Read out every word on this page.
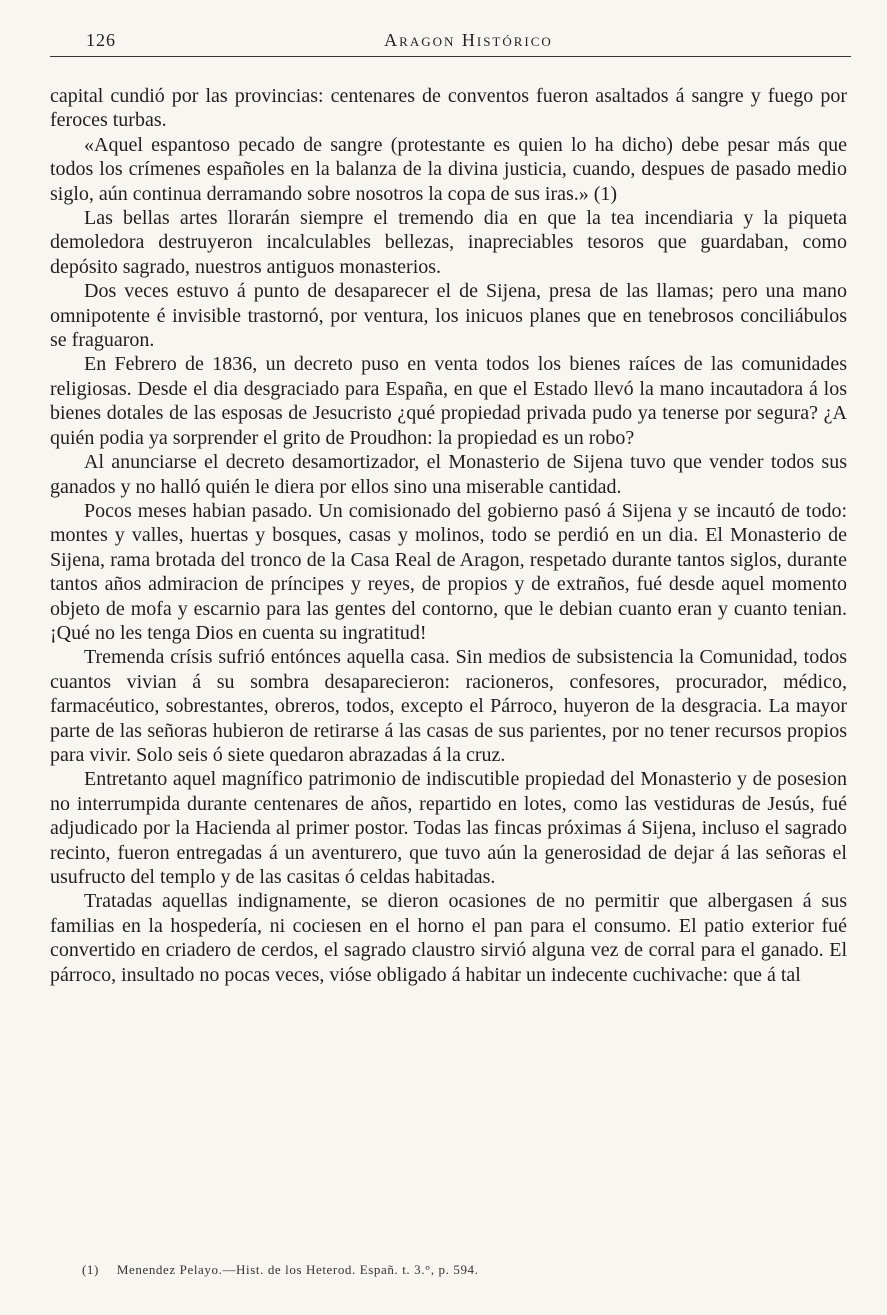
126	Aragon Histórico

capital cundió por las provincias: centenares de conventos fueron asaltados á sangre y fuego por feroces turbas.

«Aquel espantoso pecado de sangre (protestante es quien lo ha dicho) debe pesar más que todos los crímenes españoles en la balanza de la divina justicia, cuando, despues de pasado medio siglo, aún continua derramando sobre nosotros la copa de sus iras.» (1)

Las bellas artes llorarán siempre el tremendo dia en que la tea incendiaria y la piqueta demoledora destruyeron incalculables bellezas, inapreciables tesoros que guardaban, como depósito sagrado, nuestros antiguos monasterios.

Dos veces estuvo á punto de desaparecer el de Sijena, presa de las llamas; pero una mano omnipotente é invisible trastornó, por ventura, los inicuos planes que en tenebrosos conciliábulos se fraguaron.

En Febrero de 1836, un decreto puso en venta todos los bienes raíces de las comunidades religiosas. Desde el dia desgraciado para España, en que el Estado llevó la mano incautadora á los bienes dotales de las esposas de Jesucristo ¿qué propiedad privada pudo ya tenerse por segura? ¿A quién podia ya sorprender el grito de Proudhon: la propiedad es un robo?

Al anunciarse el decreto desamortizador, el Monasterio de Sijena tuvo que vender todos sus ganados y no halló quién le diera por ellos sino una miserable cantidad.

Pocos meses habian pasado. Un comisionado del gobierno pasó á Sijena y se incautó de todo: montes y valles, huertas y bosques, casas y molinos, todo se perdió en un dia. El Monasterio de Sijena, rama brotada del tronco de la Casa Real de Aragon, respetado durante tantos siglos, durante tantos años admiracion de príncipes y reyes, de propios y de extraños, fué desde aquel momento objeto de mofa y escarnio para las gentes del contorno, que le debian cuanto eran y cuanto tenian. ¡Qué no les tenga Dios en cuenta su ingratitud!

Tremenda crísis sufrió entónces aquella casa. Sin medios de subsistencia la Comunidad, todos cuantos vivian á su sombra desaparecieron: racioneros, confesores, procurador, médico, farmacéutico, sobrestantes, obreros, todos, excepto el Párroco, huyeron de la desgracia. La mayor parte de las señoras hubieron de retirarse á las casas de sus parientes, por no tener recursos propios para vivir. Solo seis ó siete quedaron abrazadas á la cruz.

Entretanto aquel magnífico patrimonio de indiscutible propiedad del Monasterio y de posesion no interrumpida durante centenares de años, repartido en lotes, como las vestiduras de Jesús, fué adjudicado por la Hacienda al primer postor. Todas las fincas próximas á Sijena, incluso el sagrado recinto, fueron entregadas á un aventurero, que tuvo aún la generosidad de dejar á las señoras el usufructo del templo y de las casitas ó celdas habitadas.

Tratadas aquellas indignamente, se dieron ocasiones de no permitir que albergasen á sus familias en la hospedería, ni cociesen en el horno el pan para el consumo. El patio exterior fué convertido en criadero de cerdos, el sagrado claustro sirvió alguna vez de corral para el ganado. El párroco, insultado no pocas veces, vióse obligado á habitar un indecente cuchivache: que á tal

(1) Menendez Pelayo.—Hist. de los Heterod. Españ. t. 3.°, p. 594.
